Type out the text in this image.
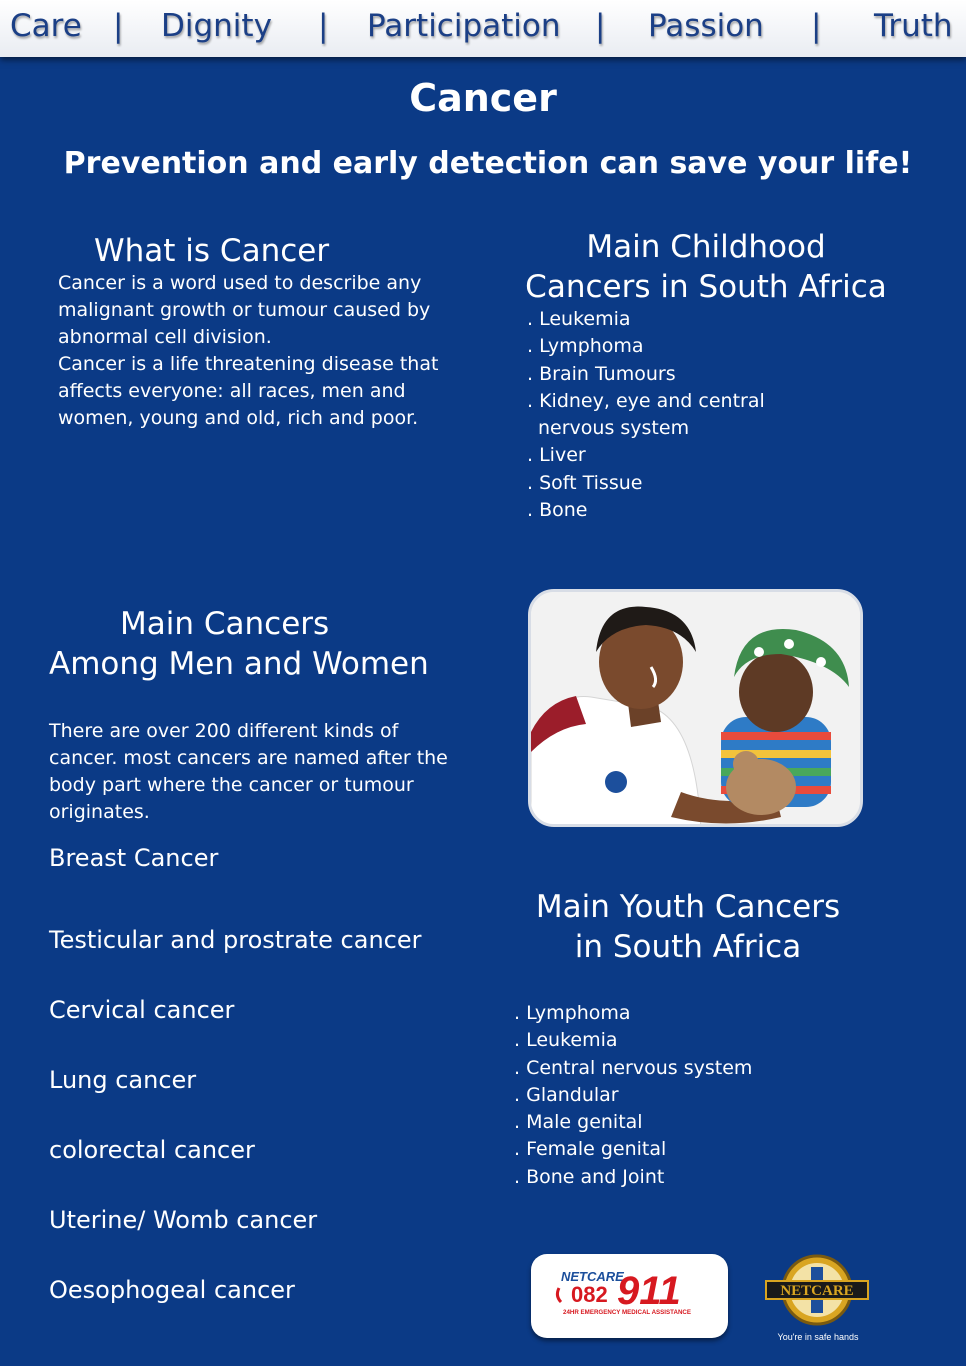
Care | Dignity | Participation | Passion | Truth
Cancer
Prevention and early detection can save your life!
What is Cancer

Cancer is a word used to describe any malignant growth or tumour caused by abnormal cell division.

Cancer is a life threatening disease that affects everyone: all races, men and women, young and old, rich and poor.

Main Childhood
Cancers in South Africa
. Leukemia
. Lymphoma
. Brain Tumours
. Kidney, eye and central nervous system
. Liver
. Soft Tissue
. Bone
Main Cancers
Among Men and Women

There are over 200 different kinds of cancer. most cancers are named after the body part where the cancer or tumour originates.

Breast Cancer
Testicular and prostrate cancer
Cervical cancer
Lung cancer
colorectal cancer
Uterine/ Womb cancer
Oesophogeal cancer
Main Youth Cancers
in South Africa
. Lymphoma
. Leukemia
. Central nervous system
. Glandular
. Male genital
. Female genital
. Bone and Joint
NETCARE
082 911
24HR EMERGENCY MEDICAL ASSISTANCE
NETCARE
You're in safe hands
